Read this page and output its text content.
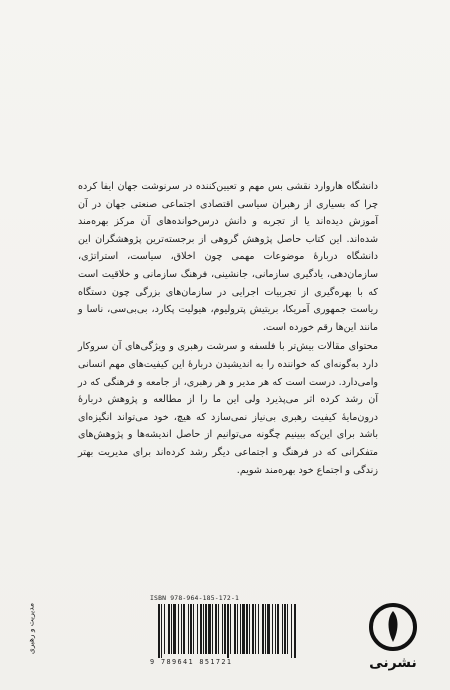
دانشگاه هاروارد نقشی بس مهم و تعیین‌کننده در سرنوشت جهان ایفا کرده چرا که بسیاری از رهبران سیاسی اقتصادی اجتماعی صنعتی جهان در آن آموزش دیده‌اند یا از تجربه و دانش درس‌خوانده‌های آن مرکز بهره‌مند شده‌اند. این کتاب حاصل پژوهش گروهی از برجسته‌ترین پژوهشگران این دانشگاه درباره‌ٔ موضوعات مهمی چون اخلاق، سیاست، استراتژی، سازمان‌دهی، یادگیری سازمانی، جانشینی، فرهنگ سازمانی و خلاقیت است که با بهره‌گیری از تجربیات اجرایی در سازمان‌های بزرگی چون دستگاه ریاست جمهوری آمریکا، بریتیش پترولیوم، هیولیت پکارد، بی‌بی‌سی، ناسا و مانند این‌ها رقم خورده است.

محتوای مقالات بیش‌تر با فلسفه و سرشت رهبری و ویژگی‌های آن سروکار دارد به‌گونه‌ای که خواننده را به اندیشیدن درباره‌ٔ این کیفیت‌های مهم انسانی وامی‌دارد. درست است که هر مدیر و هر رهبری، از جامعه و فرهنگی که در آن رشد کرده اثر می‌پذیرد ولی این ما را از مطالعه و پژوهش درباره‌ٔ درون‌مایه‌ٔ کیفیت رهبری بی‌نیاز نمی‌سازد که هیچ، خود می‌تواند انگیزه‌ای باشد برای این‌که ببینیم چگونه می‌توانیم از حاصل اندیشه‌ها و پژوهش‌های متفکرانی که در فرهنگ و اجتماعی دیگر رشد کرده‌اند برای مدیریت بهتر زندگی و اجتماع خود بهره‌مند شویم.

مدیریت و رهبری
ISBN 978-964-185-172-1
9 789641 851721	نشرنی
